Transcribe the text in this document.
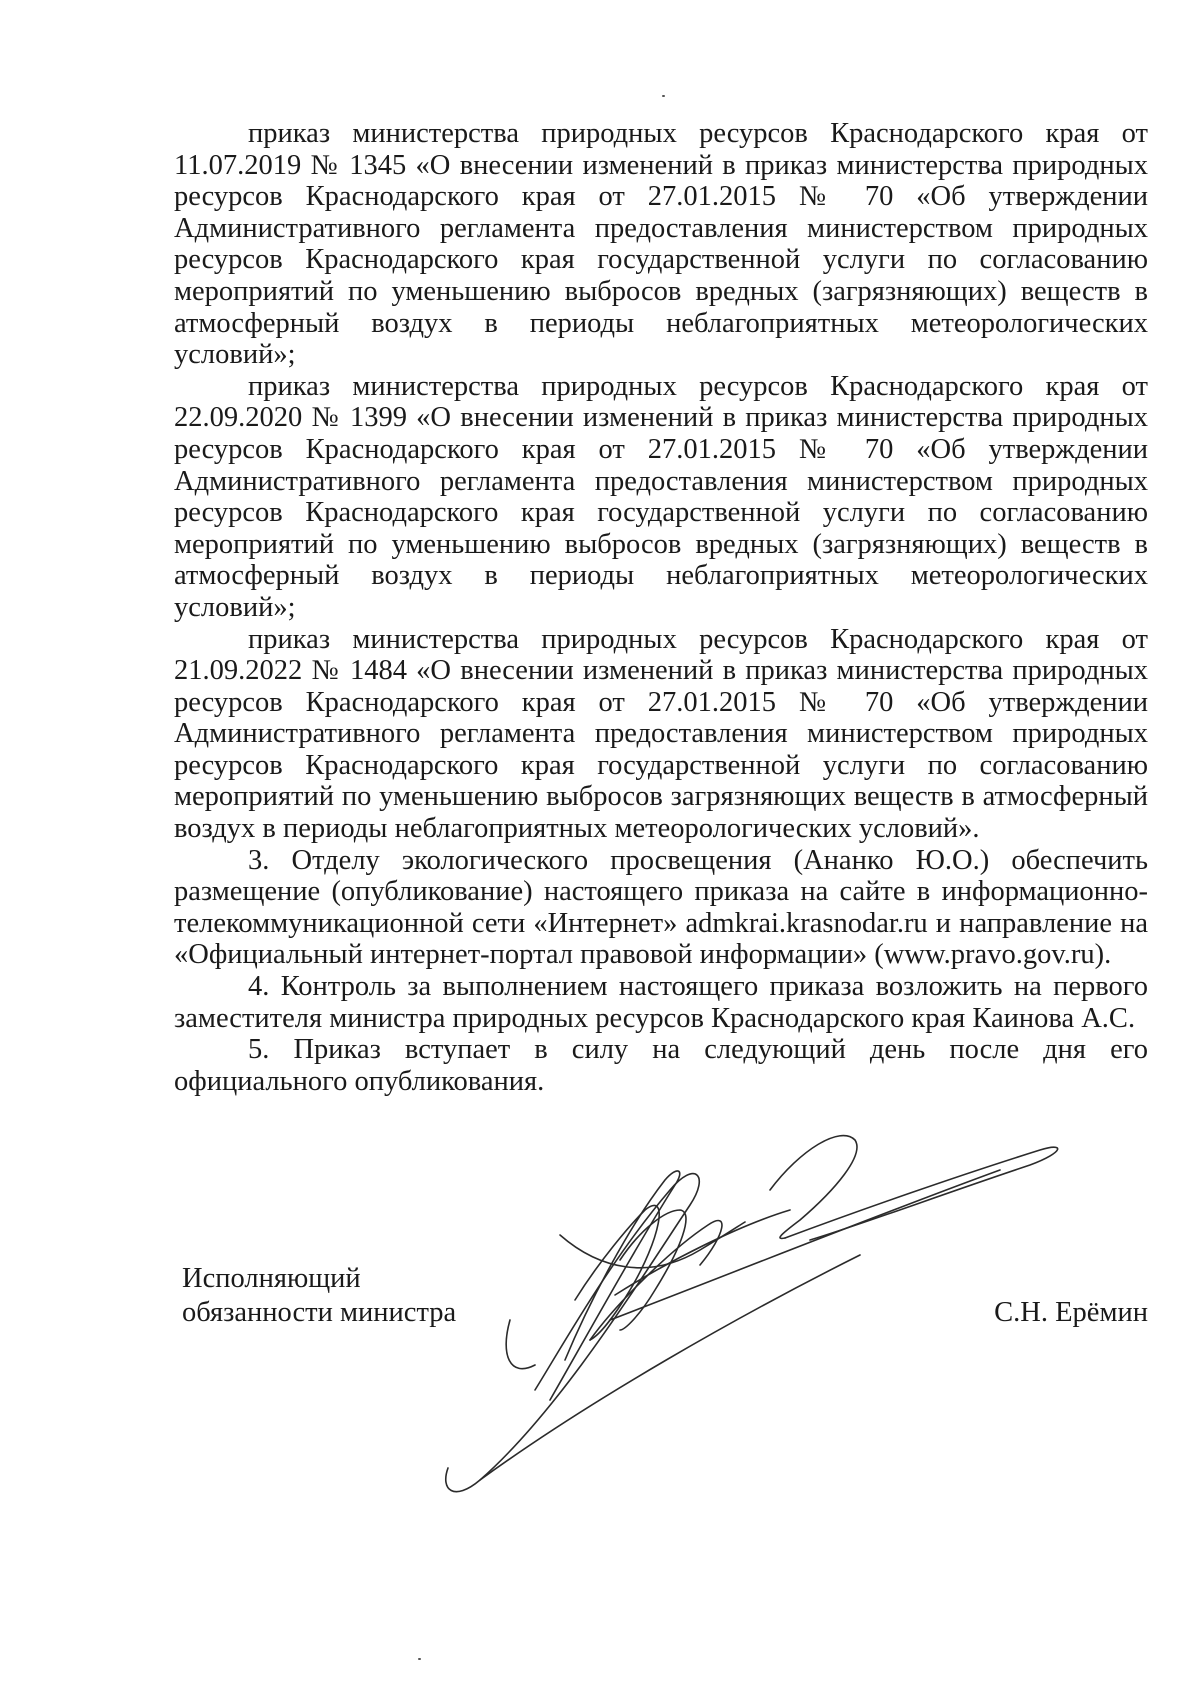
приказ министерства природных ресурсов Краснодарского края от 11.07.2019 № 1345 «О внесении изменений в приказ министерства природных ресурсов Краснодарского края от 27.01.2015 № 70 «Об утверждении Административного регламента предоставления министерством природных ресурсов Краснодарского края государственной услуги по согласованию мероприятий по уменьшению выбросов вредных (загрязняющих) веществ в атмосферный воздух в периоды неблагоприятных метеорологических условий»;

приказ министерства природных ресурсов Краснодарского края от 22.09.2020 № 1399 «О внесении изменений в приказ министерства природных ресурсов Краснодарского края от 27.01.2015 № 70 «Об утверждении Административного регламента предоставления министерством природных ресурсов Краснодарского края государственной услуги по согласованию мероприятий по уменьшению выбросов вредных (загрязняющих) веществ в атмосферный воздух в периоды неблагоприятных метеорологических условий»;

приказ министерства природных ресурсов Краснодарского края от 21.09.2022 № 1484 «О внесении изменений в приказ министерства природных ресурсов Краснодарского края от 27.01.2015 № 70 «Об утверждении Административного регламента предоставления министерством природных ресурсов Краснодарского края государственной услуги по согласованию мероприятий по уменьшению выбросов загрязняющих веществ в атмосферный воздух в периоды неблагоприятных метеорологических условий».

3. Отделу экологического просвещения (Ананко Ю.О.) обеспечить размещение (опубликование) настоящего приказа на сайте в информационно-телекоммуникационной сети «Интернет» admkrai.krasnodar.ru и направление на «Официальный интернет-портал правовой информации» (www.pravo.gov.ru).

4. Контроль за выполнением настоящего приказа возложить на первого заместителя министра природных ресурсов Краснодарского края Каинова А.С.

5. Приказ вступает в силу на следующий день после дня его официального опубликования.

Исполняющий
обязанности министра	С.Н. Ерёмин
